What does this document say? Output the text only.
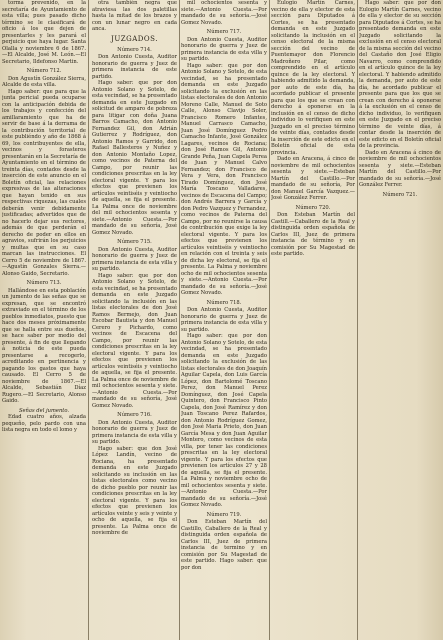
torma prevenido, en la secretaría de Ayuntamiento de esta villa; pues pasado dicho término se le clasificará de oficio á los que dejen de presentarles y les parará el perjuicio que haya lugar. Santa Olalla y noviembre 6 de 1867.—El Alcalde, José M. León.—El Secretario, Ildefonso Martin.

Número 712.

Don Agustín González Sierra, Alcalde de esta villa.

Hago saber: que para que la junta pericial pueda ocuparse con la anticipación debida de los trabajos y confección del amillaramiento que ha de servir de base á la derrama de la contribución territorial de este publiéndo y año de 1868 á 69, los contribuyentes de ella, vecinos y forasteros presentarán en la Secretaría de Ayuntamiento en el término de treinta días, contados desde la inserción de este anuncio en el Boletín oficial, las relaciones expresivas de las alteraciones que hayan tenido en sus respectivas riquezas, las cuales deberán venir debidamente justificadas; advertidos que de no hacerlo dejar sus rectores, además de que perderán el derecho de poder en ellos en agravios, sufrirán los perjuicios y multas que en su caso marcan las instrucciones. El Cerro 5 de noviembre de 1867.—Agustín Gonzales Sierra.—Alonso Gaido, Secretario.

Número 713.

Hallándose en esta población un jumento de las señas que se expresan, que se encontró extraviado en el término de los pueblos inmediatos, puesto que hace dos meses próximamente que se halla entre sus dueños, se hace saber por medio del presente, á fin de que llegando á noticia de este pueda presentarse a recogerlo, acreditando en pertinencia y pagando los gastos que haya causado. El Cerro 5 de noviembre de 1867.—El Alcalde, Sebastián Díaz Rugero.—El Secretario, Alonso Gaido.

Señas del jumento.

Edad cuatro años, alzada pequeño, pelo pardo con una lista negra en todo el lomo y

otra también negra que atraviesa las dos paletillas hasta la mitad de los brazos y con un lunar negro en cada anca.

JUZGADOS.

Número 714.

Don Antonio Cuesta, Auditor honorario de guerra y Juez de primera instancia de este partido.

Hago saber: que por don Antonio Solano y Sotelo, de esta vecindad, se ha presentado demanda en este Juzgado en solicitud de amparo de pobreza para litigar con doña Juana Barros Camacho, don Antonio Fernandez Gil, don Adrián Gutierrez y Rodríguez, don Antonio Ramos y Garrido, don Rafael Ballesteros y Nuñez y don Antonio Montaño Lopez, como vecinos de Paterna del Campo, por reunir las condiciones prescritas en la ley electoral vigente. Y para los efectos que previenen los artículos veintiséis y veintiocho de aquella, se fija el presente. La Palma once de noviembre del mil ochocientos sesenta y siete.—Antonio Cuesta.—Por mandado de su señoría, José Gomez Novado.

Número 715.

Don Antonio Cuesta, Auditor honorario de guerra y Juez de primera instancia de esta villa y su partido.

Hago saber: que por don Antonio Solano y Sotelo, de esta vecindad, se ha presentado demanda en este Juzgado solicitando la inclusión en las listas electorales de don José Ramos Bermejo, don Juan Escobar Bautista y don Manuel Cerero y Pichardo, como vecinos de Escacena del Campo, por reunir las condiciones prescritas en la ley electoral vigente. Y para los efectos que previenen los artículos veintiséis y veintiocho de aquella, se fija el presente. La Palma once de noviembre de mil ochocientos sesenta y siete.—Antonio Cuesta.—Por mandado de su señoría, José Gomez Novado.

Número 716.

Don Antonio Cuesta, Auditor honorario de guerra y Juez de primera instancia de esta villa y su partido.

Hago saber: que don José López Landín, vecino de Rociana, ha presentado demanda en este Juzgado solicitando su inclusión en las listas electorales como vecino de dicho pueblo por reunir las condiciones prescritas en la ley electoral vigente. Y para los efectos que previenen los artículos veinte y seis y veinte y ocho de aquella, se fija el presente. La Palma once de noviembre de

mil ochocientos sesenta y siete.—Antonio Cuesta.—Por mandado de su señoría.—José Gomez Novado.

Número 717.

Don Antonio Cuesta, Auditor honorario de guerra y Juez de primera instancia de esta villa y su partido.

Hago saber: que por don Antonio Solano y Sotelo, de esta vecindad, se ha presentado demanda en este Juzgado solicitando la exclusión en las listas electorales de don Antonio Moreno Calle, Manuel de Soto Calle, Alonso Clavijo Soler, Francisco Romero Infantes, Manuel Carrasco Camacho, Juan José Domínguez Pedro Camacho Infante, José González Lagares, vecinos de Rociana; don José Ramos Gil, Antonio Grande Peña, Juan Capela Perea de Juan y Manuel Calvo Fernandez; don Francisco de Vera y Vera, don Francisco Tirado Domínguez, don José María Toscano Valladares, vecinos de Escacena del Campo; don Andrés Barrera y García y don Pedro Vazquez y Fernandez, como vecinos de Paterna del Campo, por no reunirse la causa de contribución que exige la ley electoral vigente. Y para los efectos que previenen los artículos veintiséis y veintiocho en relación con el treinta y seis de dicha ley electoral, se fija el presente. La Palma y noviembre ocho de mil ochocientos sesenta y siete.—Antonio Cuesta.—Por mandado de su señoría.—José Gomez Novado.

Número 718.

Don Antonio Cuesta, Auditor honorario de guerra y Juez de primera instancia de esta villa y su partido.

Hago saber: que por don Antonio Solano y Sotelo, de esta vecindad, se ha presentado demanda en este Juzgado solicitando la exclusión de las listas electorales de don Joaquín Aguilar Capela, don Luis García López, don Bartolomé Toscano Perez, don Manuel Perez Domínguez, don José Capela Quintero, don Francisco Pinto Capela, don José Ramírez y don Juan Toscano Perez Rafardos, don Antonio Rodríguez Gomez, don José María Prieto, don Juan García Mesa y don Juan Aguilar Montero, como vecinos de esta villa, por tener las condiciones prescritas en la ley electoral vigente. Y para los efectos que previenen los artículos 27 y 28 de aquella, se fija el presente. La Palma y noviembre ocho de mil ochocientos sesenta y siete.—Antonio Cuesta.—Por mandado de su señoría.—José Gomez Novado.

Número 719.

Don Esteban Martín del Castillo, Caballero de la Real y distinguida orden española de Carlos III, Juez de primera instancia de termino y en comisión por Su Magestad de este partido. Hago saber: que por don

Eulogio Martín Carnes, vecino de ella y elector de esta sección para Diputados á Cortes, se ha presentado demanda en este Juzgado solicitando la inclusión en el censo electoral de la misma sección del vecino de Puentemayor don Florencio Madroñero Pilar, como comprendido en el artículo quince de la ley electoral. Y habiendo admitido la demanda, por auto de este día, ha acordado publicar el presente para que los que se crean con derecho á oponerse en la inclusión en el censo de dicho individuo lo verifiquen en este Juzgado en el preciso término de veinte días, contados desde la inserción de este edicto en el Boletín oficial de esta provincia.

Dado en Aracena, á cinco de noviembre de mil ochocientos sesenta y siete.—Esteban Martín del Castillo.—Por mandado de su señoría, Por don Manuel García Vazquez.—José González Ferrer.

Número 720.

Don Esteban Martín del Castill.—Caballero de la Real y distinguida orden española de Carlos III, Juez de primera instancia de término y en comisión por Su Magestad de este partido.

Hago saber: que por don Eulogio Martín Carnes, vecino de ella y elector de su sección para Diputados á Cortes, se ha presentado demanda en este Juzgado solicitando la exclusión en el censo electoral de la misma sección del vecino del Castaño don José Eligio Navarro, como comprendido en el artículo quince de la ley electoral. Y habiendo admitido la demanda, por auto de este día, he acordado publicar el presente para que los que se crean con derecho á oponerse á la exclusión en el censo de dicho individuo, lo verifiquen en este Juzgado en el preciso término de veinte días, á contar desde la inserción de este edicto en el Boletín oficial de la provincia.

Dado en Aracena á cinco de noviembre de mil ochocientos sesenta y siete.—Esteban Martín del Castillo.—Por mandado de su señoría.—José González Ferrer.

Número 721.
